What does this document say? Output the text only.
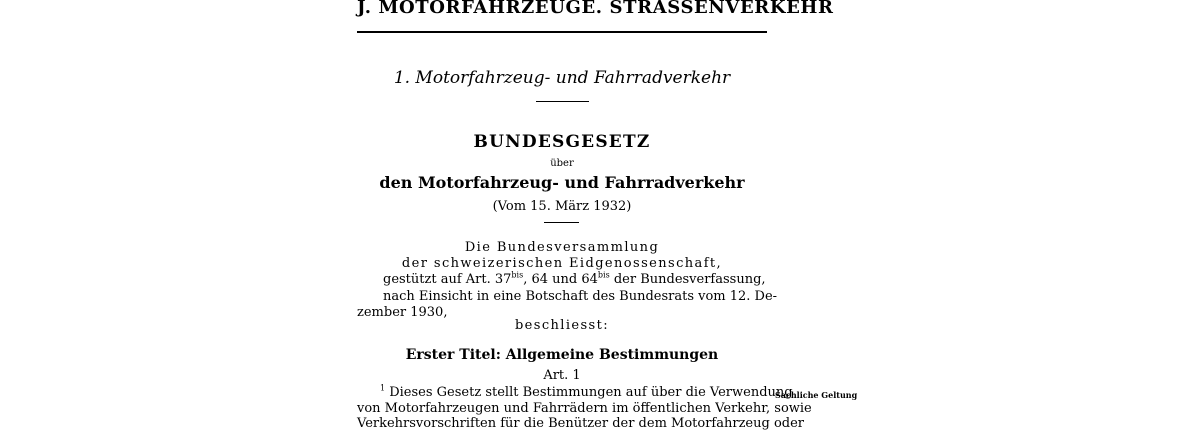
J. MOTORFAHRZEUGE. STRASSENVERKEHR
1. Motorfahrzeug- und Fahrradverkehr
BUNDESGESETZ
über
den Motorfahrzeug- und Fahrradverkehr
(Vom 15. März 1932)
Die Bundesversammlung
der schweizerischen Eidgenossenschaft,
gestützt auf Art. $37^{bis}$, 64 und $64^{bis}$ der Bundesverfassung,
nach Einsicht in eine Botschaft des Bundesrats vom 12. De-
zember 1930,
beschliesst:
Erster Titel: Allgemeine Bestimmungen
Art. 1
$^1$ Dieses Gesetz stellt Bestimmungen auf über die Verwendung
von Motorfahrzeugen und Fahrrädern im öffentlichen Verkehr, sowie
Verkehrsvorschriften für die Benützer der dem Motorfahrzeug oder
Sachliche Geltung
